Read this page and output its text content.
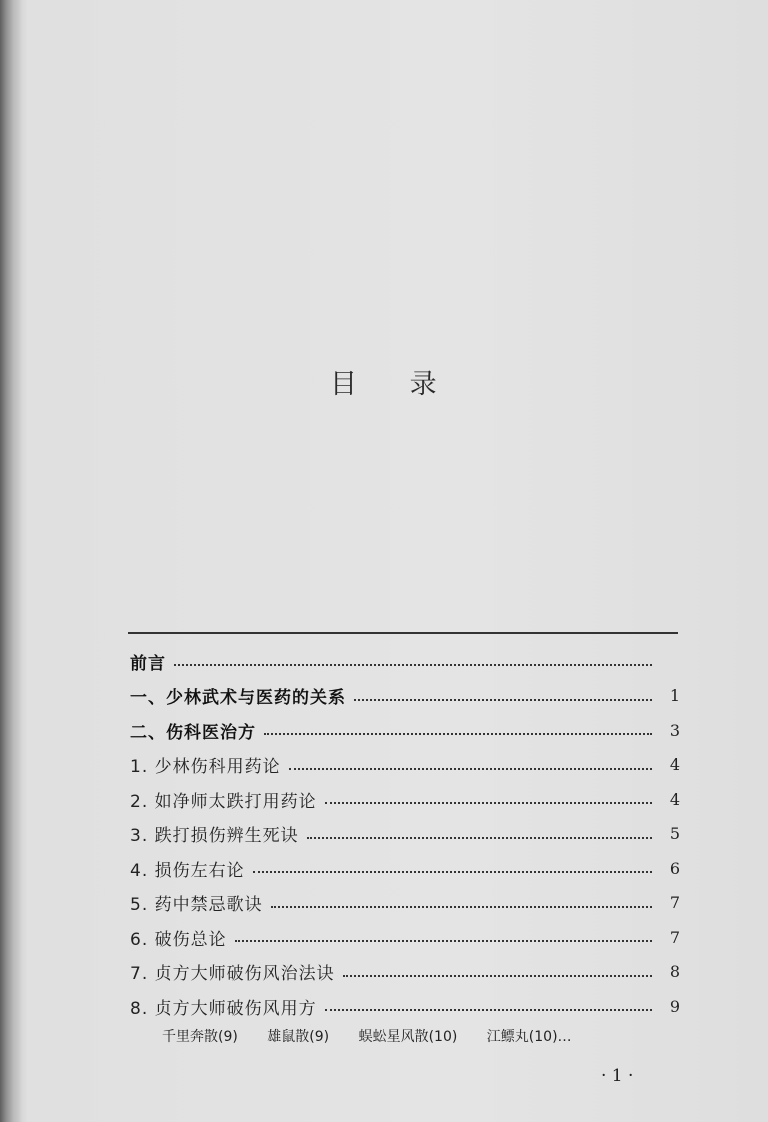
目 录
前言
一、少林武术与医药的关系	1
二、伤科医治方	3
1. 少林伤科用药论	4
2. 如净师太跌打用药论	4
3. 跌打损伤辨生死诀	5
4. 损伤左右论	6
5. 药中禁忌歌诀	7
6. 破伤总论	7
7. 贞方大师破伤风治法诀	8
8. 贞方大师破伤风用方	9
千里奔散(9) 雄鼠散(9) 蜈蚣星风散(10) 江鳔丸(10)…
· 1 ·
